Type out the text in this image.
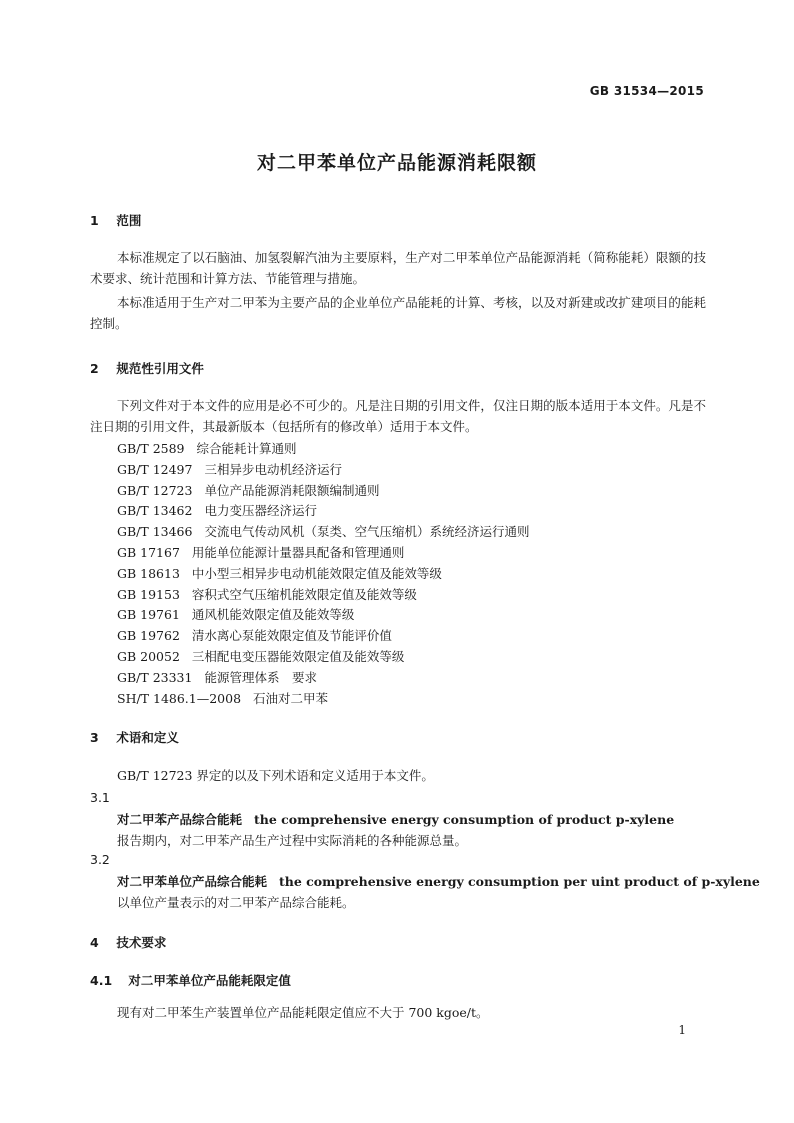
GB 31534—2015
对二甲苯单位产品能源消耗限额
1 范围
本标准规定了以石脑油、加氢裂解汽油为主要原料，生产对二甲苯单位产品能源消耗（简称能耗）限额的技术要求、统计范围和计算方法、节能管理与措施。
本标准适用于生产对二甲苯为主要产品的企业单位产品能耗的计算、考核，以及对新建或改扩建项目的能耗控制。
2 规范性引用文件
下列文件对于本文件的应用是必不可少的。凡是注日期的引用文件，仅注日期的版本适用于本文件。凡是不注日期的引用文件，其最新版本（包括所有的修改单）适用于本文件。
GB/T 2589 综合能耗计算通则
GB/T 12497 三相异步电动机经济运行
GB/T 12723 单位产品能源消耗限额编制通则
GB/T 13462 电力变压器经济运行
GB/T 13466 交流电气传动风机（泵类、空气压缩机）系统经济运行通则
GB 17167 用能单位能源计量器具配备和管理通则
GB 18613 中小型三相异步电动机能效限定值及能效等级
GB 19153 容积式空气压缩机能效限定值及能效等级
GB 19761 通风机能效限定值及能效等级
GB 19762 清水离心泵能效限定值及节能评价值
GB 20052 三相配电变压器能效限定值及能效等级
GB/T 23331 能源管理体系　要求
SH/T 1486.1—2008 石油对二甲苯
3 术语和定义
GB/T 12723 界定的以及下列术语和定义适用于本文件。
3.1
对二甲苯产品综合能耗 the comprehensive energy consumption of product p-xylene
报告期内，对二甲苯产品生产过程中实际消耗的各种能源总量。
3.2
对二甲苯单位产品综合能耗 the comprehensive energy consumption per uint product of p-xylene
以单位产量表示的对二甲苯产品综合能耗。
4 技术要求
4.1 对二甲苯单位产品能耗限定值
现有对二甲苯生产装置单位产品能耗限定值应不大于 700 kgoe/t。
1
